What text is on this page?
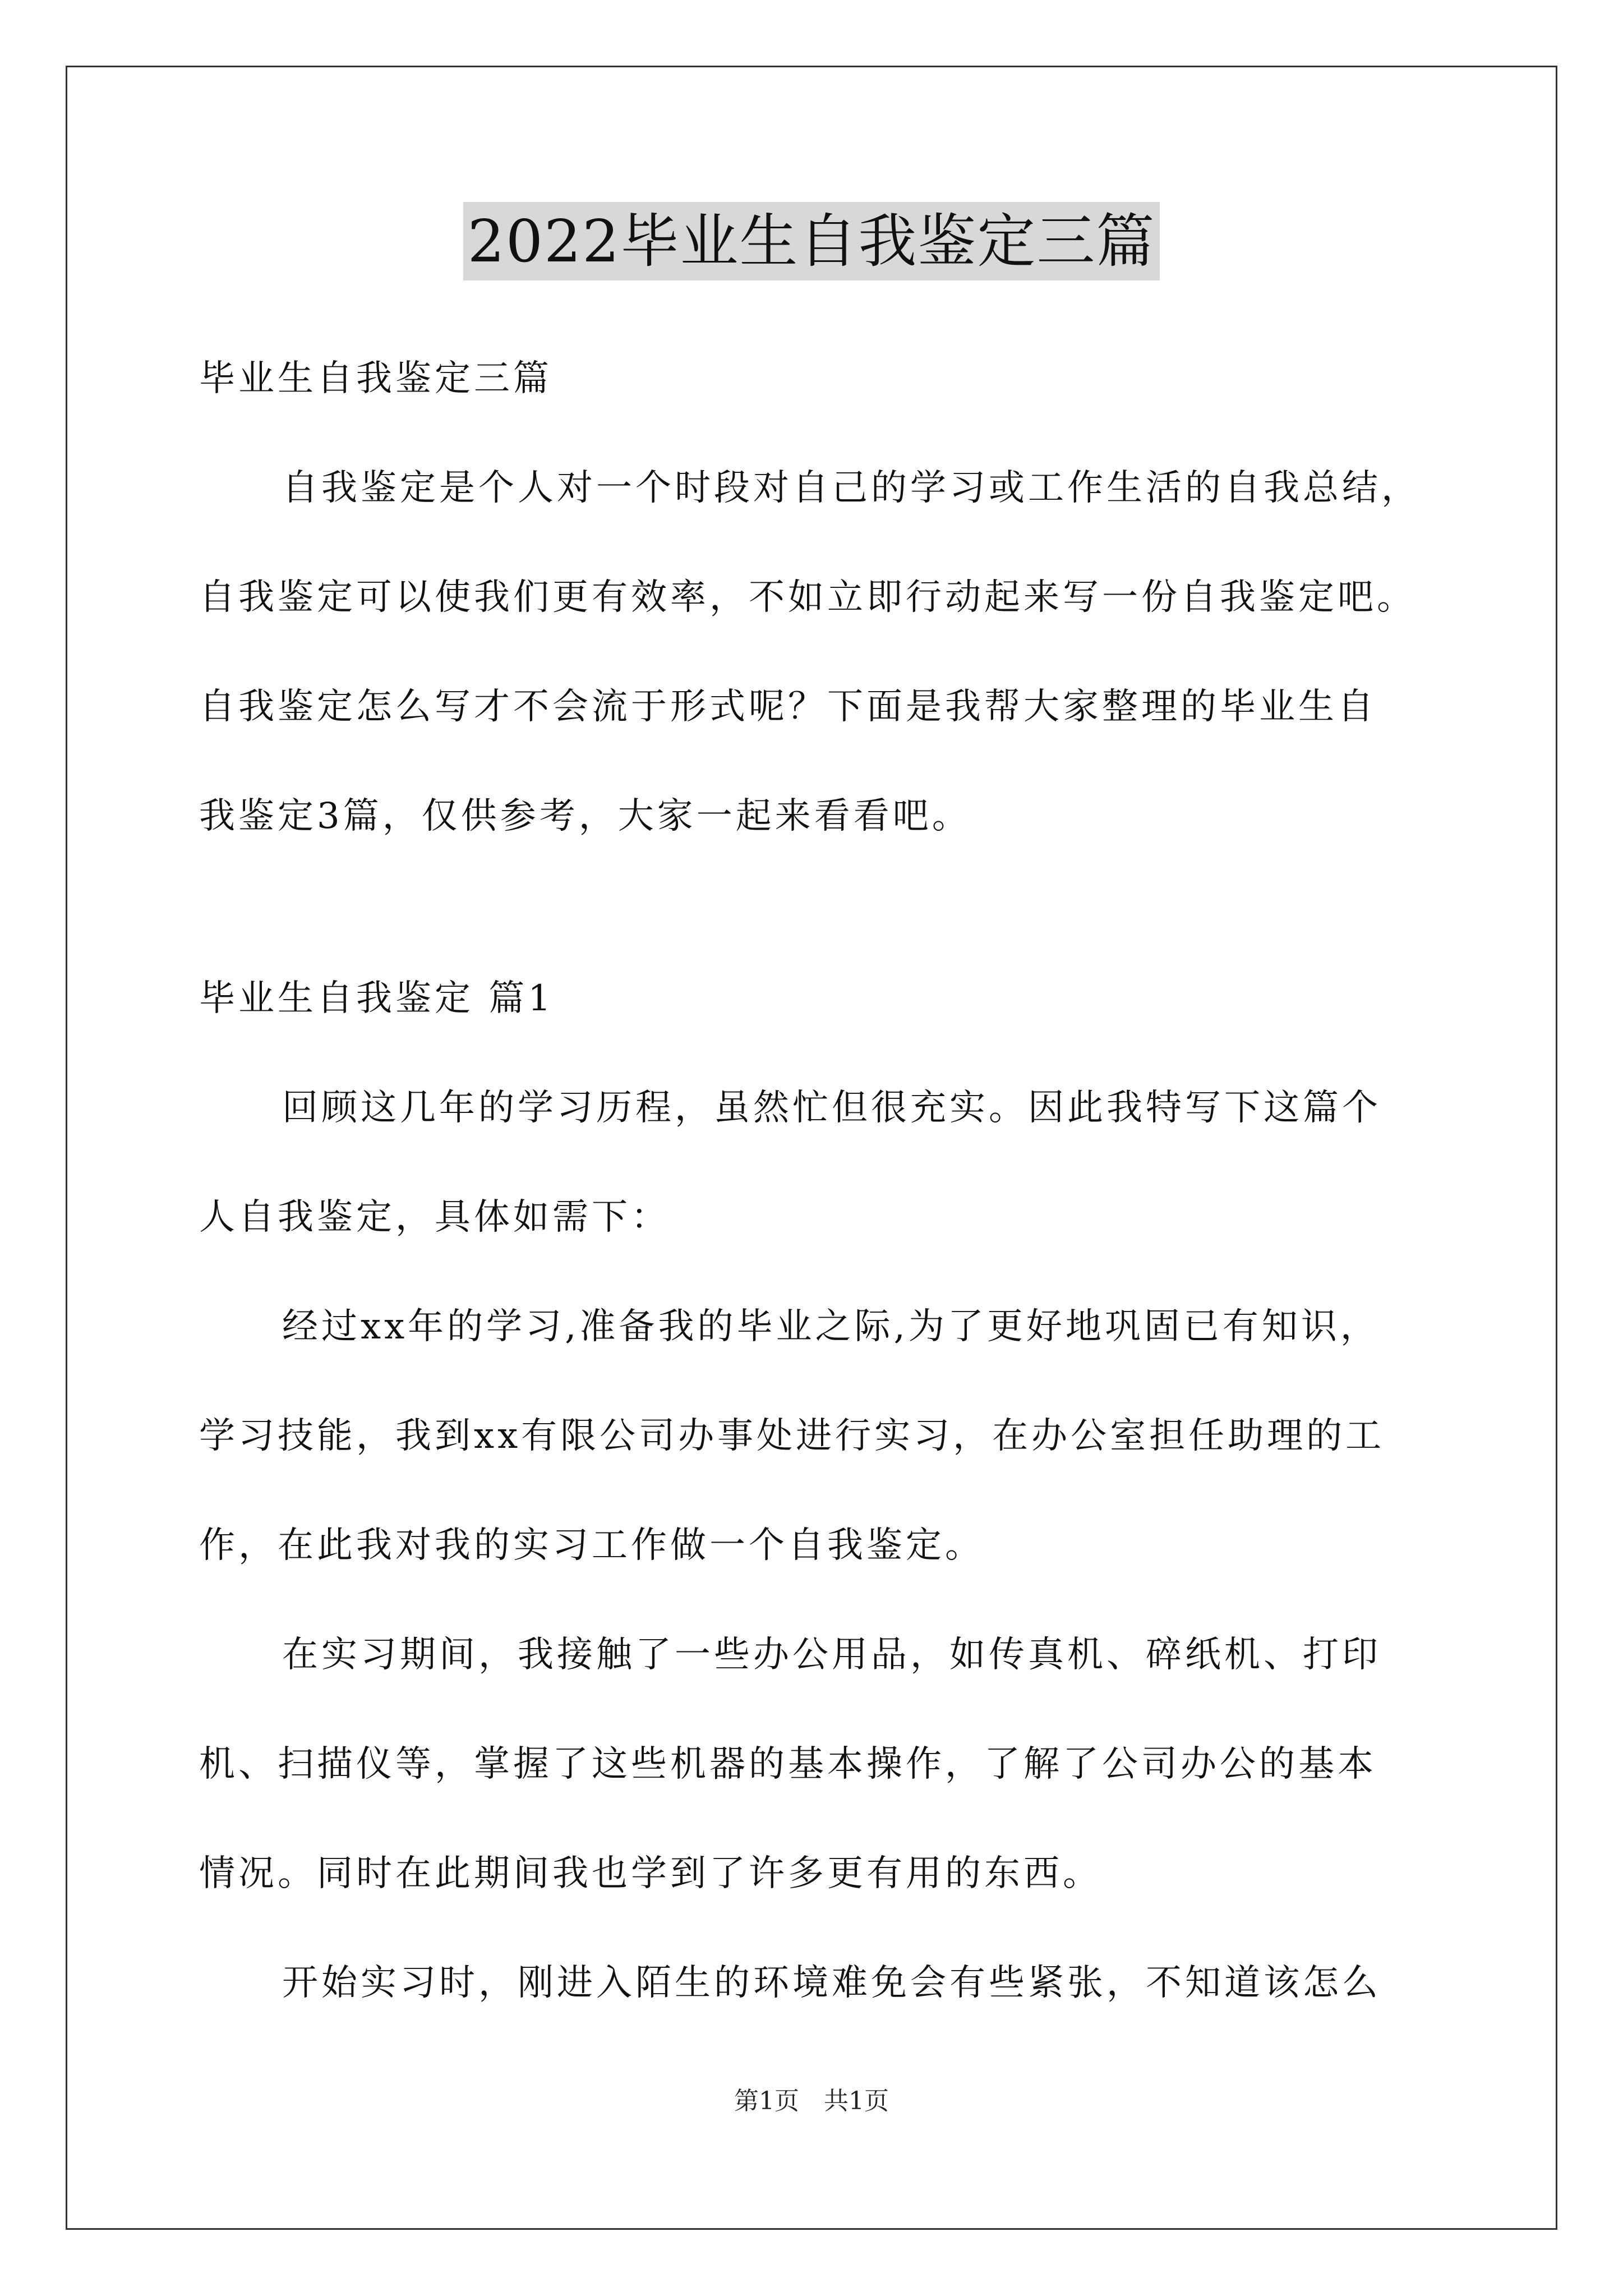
2022毕业生自我鉴定三篇
毕业生自我鉴定三篇
自我鉴定是个人对一个时段对自己的学习或工作生活的自我总结，
自我鉴定可以使我们更有效率，不如立即行动起来写一份自我鉴定吧。
自我鉴定怎么写才不会流于形式呢？下面是我帮大家整理的毕业生自
我鉴定3篇，仅供参考，大家一起来看看吧。
毕业生自我鉴定 篇1
回顾这几年的学习历程，虽然忙但很充实。因此我特写下这篇个
人自我鉴定，具体如需下：
经过xx年的学习,准备我的毕业之际,为了更好地巩固已有知识，
学习技能，我到xx有限公司办事处进行实习，在办公室担任助理的工
作，在此我对我的实习工作做一个自我鉴定。
在实习期间，我接触了一些办公用品，如传真机、碎纸机、打印
机、扫描仪等，掌握了这些机器的基本操作，了解了公司办公的基本
情况。同时在此期间我也学到了许多更有用的东西。
开始实习时，刚进入陌生的环境难免会有些紧张，不知道该怎么
第1页　共1页
